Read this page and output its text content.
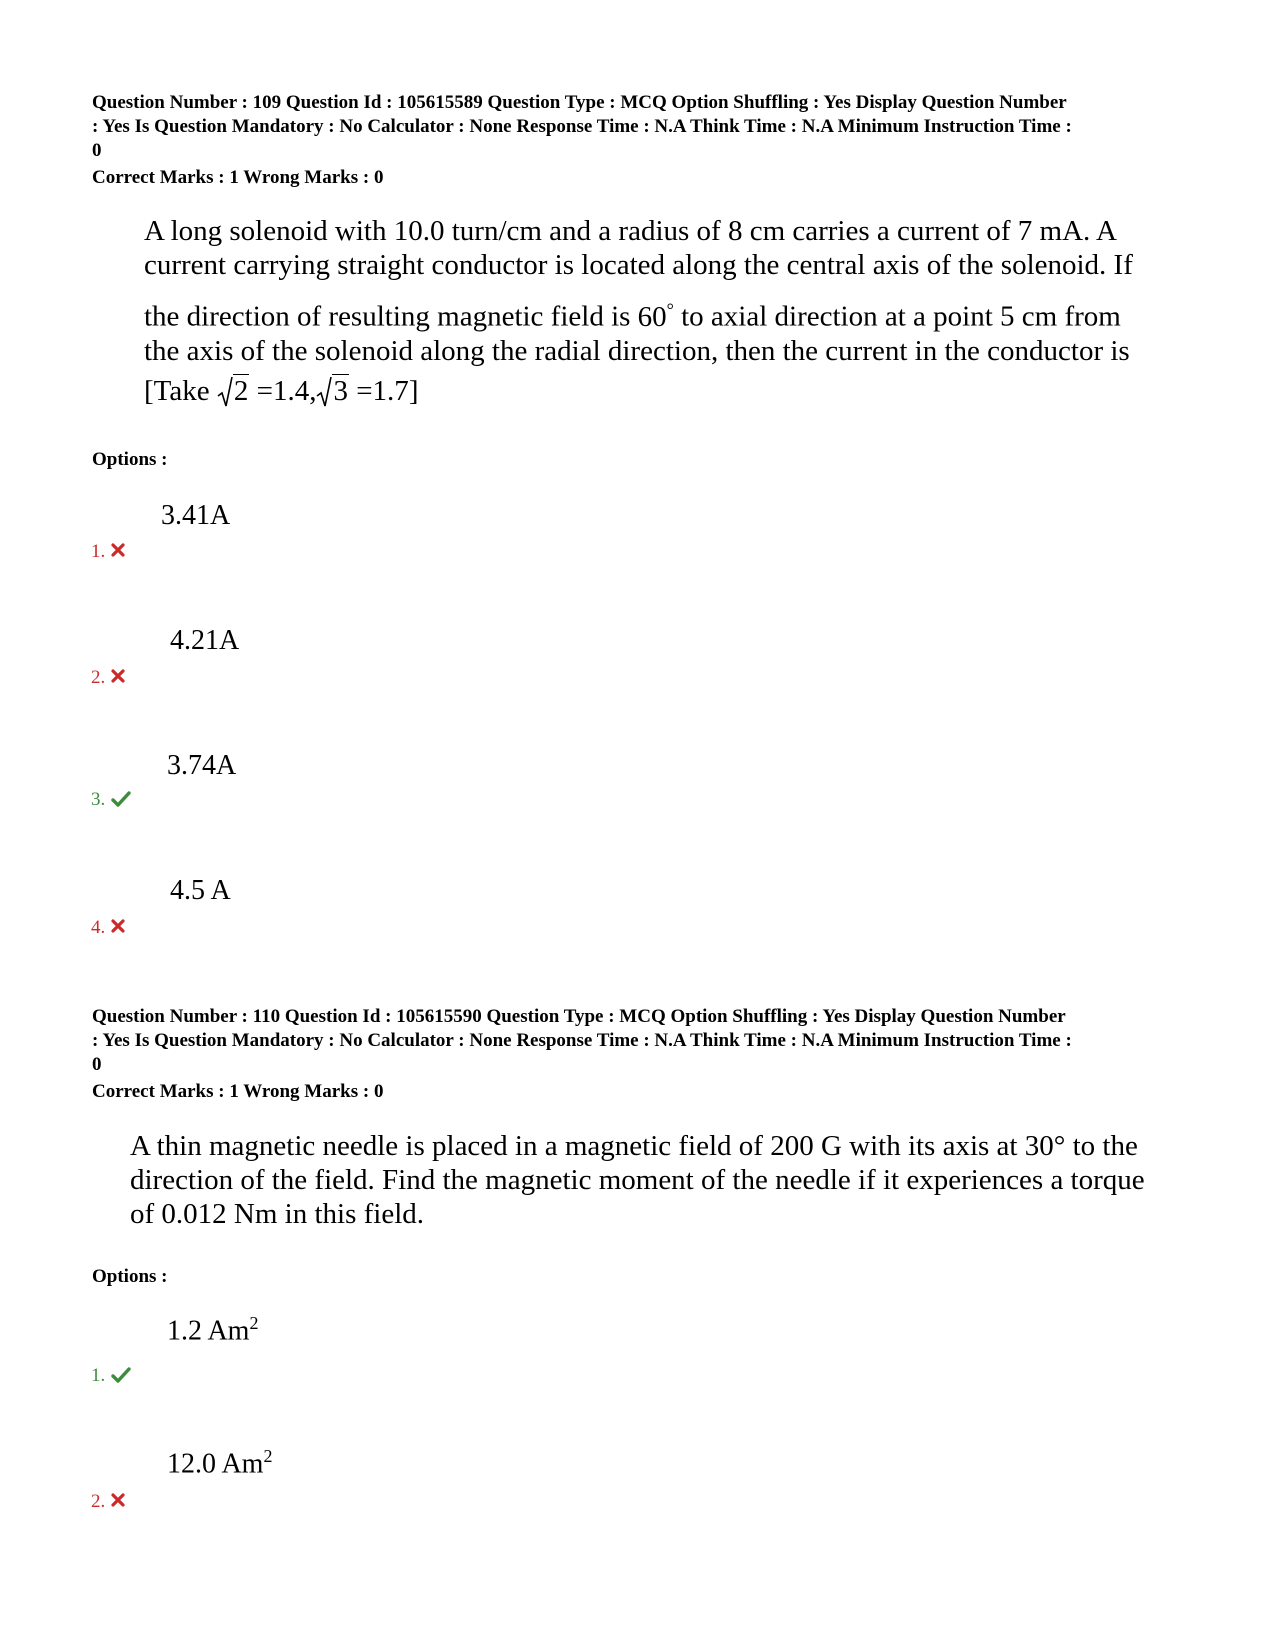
Question Number : 109 Question Id : 105615589 Question Type : MCQ Option Shuffling : Yes Display Question Number

: Yes Is Question Mandatory : No Calculator : None Response Time : N.A Think Time : N.A Minimum Instruction Time :

0

Correct Marks : 1 Wrong Marks : 0

A long solenoid with 10.0 turn/cm and a radius of 8 cm carries a current of 7 mA. A

current carrying straight conductor is located along the central axis of the solenoid. If

the direction of resulting magnetic field is 60° to axial direction at a point 5 cm from

the axis of the solenoid along the radial direction, then the current in the conductor is

[Take
2 =1.4, 3 =1.7]

Options :
3.41A
1.
4.21A
2.
3.74A
3.
4.5 A
4.

Question Number : 110 Question Id : 105615590 Question Type : MCQ Option Shuffling : Yes Display Question Number

: Yes Is Question Mandatory : No Calculator : None Response Time : N.A Think Time : N.A Minimum Instruction Time :

0

Correct Marks : 1 Wrong Marks : 0

A thin magnetic needle is placed in a magnetic field of 200 G with its axis at 30° to the

direction of the field. Find the magnetic moment of the needle if it experiences a torque

of 0.012 Nm in this field.

Options :
1.2 Am$^2$
1.
12.0 Am$^2$
2.
